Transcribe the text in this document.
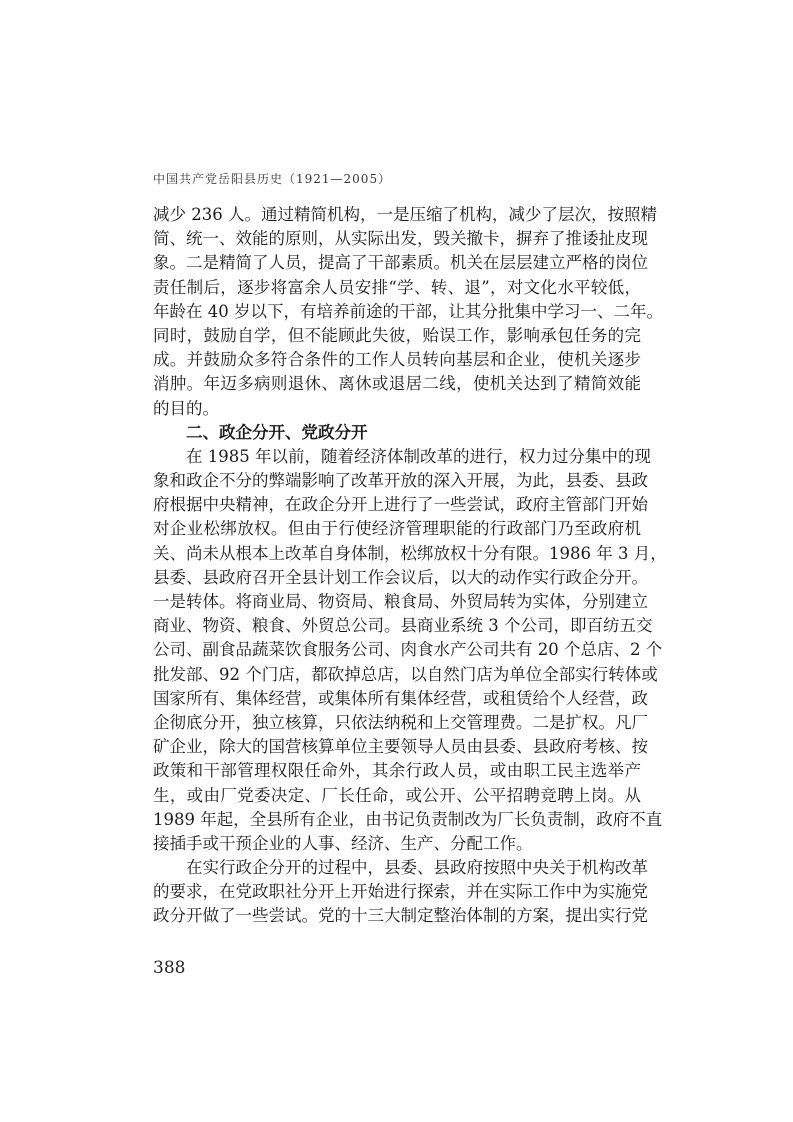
中国共产党岳阳县历史（1921—2005）
减少 236 人。通过精简机构，一是压缩了机构，减少了层次，按照精
简、统一、效能的原则，从实际出发，毁关撤卡，摒弃了推诿扯皮现
象。二是精简了人员，提高了干部素质。机关在层层建立严格的岗位
责任制后，逐步将富余人员安排“学、转、退”，对文化水平较低，
年龄在 40 岁以下，有培养前途的干部，让其分批集中学习一、二年。
同时，鼓励自学，但不能顾此失彼，贻误工作，影响承包任务的完
成。并鼓励众多符合条件的工作人员转向基层和企业，使机关逐步
消肿。年迈多病则退休、离休或退居二线，使机关达到了精简效能
的目的。
二、政企分开、党政分开
在 1985 年以前，随着经济体制改革的进行，权力过分集中的现
象和政企不分的弊端影响了改革开放的深入开展，为此，县委、县政
府根据中央精神，在政企分开上进行了一些尝试，政府主管部门开始
对企业松绑放权。但由于行使经济管理职能的行政部门乃至政府机
关、尚未从根本上改革自身体制，松绑放权十分有限。1986 年 3 月，
县委、县政府召开全县计划工作会议后，以大的动作实行政企分开。
一是转体。将商业局、物资局、粮食局、外贸局转为实体，分别建立
商业、物资、粮食、外贸总公司。县商业系统 3 个公司，即百纺五交
公司、副食品蔬菜饮食服务公司、肉食水产公司共有 20 个总店、2 个
批发部、92 个门店，都砍掉总店，以自然门店为单位全部实行转体或
国家所有、集体经营，或集体所有集体经营，或租赁给个人经营，政
企彻底分开，独立核算，只依法纳税和上交管理费。二是扩权。凡厂
矿企业，除大的国营核算单位主要领导人员由县委、县政府考核、按
政策和干部管理权限任命外，其余行政人员，或由职工民主选举产
生，或由厂党委决定、厂长任命，或公开、公平招聘竞聘上岗。从
1989 年起，全县所有企业，由书记负责制改为厂长负责制，政府不直
接插手或干预企业的人事、经济、生产、分配工作。
在实行政企分开的过程中，县委、县政府按照中央关于机构改革
的要求，在党政职社分开上开始进行探索，并在实际工作中为实施党
政分开做了一些尝试。党的十三大制定整治体制的方案，提出实行党
388
